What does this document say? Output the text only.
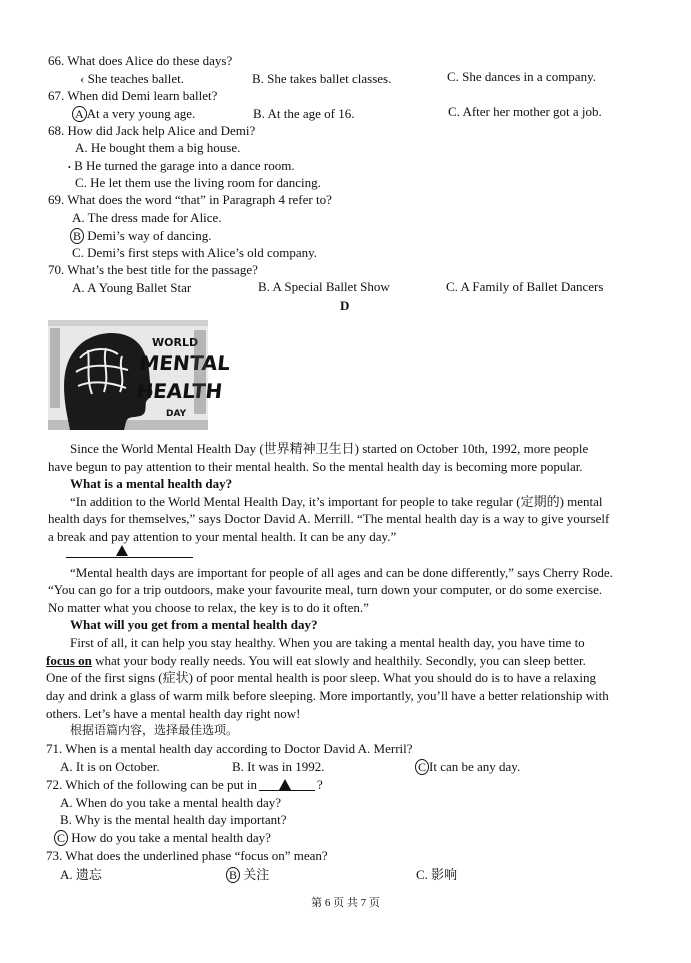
66. What does Alice do these days?
‹ She teaches ballet.	B. She takes ballet classes.	C. She dances in a company.
67. When did Demi learn ballet?
A At a very young age.	B. At the age of 16.	C. After her mother got a job.
68. How did Jack help Alice and Demi?
A. He bought them a big house.
• B He turned the garage into a dance room.
C. He let them use the living room for dancing.
69. What does the word “that” in Paragraph 4 refer to?
A. The dress made for Alice.
B Demi’s way of dancing.
C. Demi’s first steps with Alice’s old company.
70. What’s the best title for the passage?
A. A Young Ballet Star	B. A Special Ballet Show	C. A Family of Ballet Dancers
D
WORLD
MENTAL
HEALTH
DAY
Since the World Mental Health Day (世界精神卫生日) started on October 10th, 1992, more people
have begun to pay attention to their mental health. So the mental health day is becoming more popular.
What is a mental health day?
“In addition to the World Mental Health Day, it’s important for people to take regular (定期的) mental
health days for themselves,” says Doctor David A. Merrill. “The mental health day is a way to give yourself
a break and pay attention to your mental health. It can be any day.”
“Mental health days are important for people of all ages and can be done differently,” says Cherry Rode.
“You can go for a trip outdoors, make your favourite meal, turn down your computer, or do some exercise.
No matter what you choose to relax, the key is to do it often.”
What will you get from a mental health day?
First of all, it can help you stay healthy. When you are taking a mental health day, you have time to
focus on what your body really needs. You will eat slowly and healthily. Secondly, you can sleep better.
One of the first signs (症状) of poor mental health is poor sleep. What you should do is to have a relaxing
day and drink a glass of warm milk before sleeping. More importantly, you’ll have a better relationship with
others. Let’s have a mental health day right now!
根据语篇内容，选择最佳选项。
71. When is a mental health day according to Doctor David A. Merril?
A. It is on October.	B. It was in 1992.	C It can be any day.
72. Which of the following can be put in	?
A. When do you take a mental health day?
B. Why is the mental health day important?
C How do you take a mental health day?
73. What does the underlined phase “focus on” mean?
A. 遗忘	B 关注	C. 影响
第 6 页 共 7 页
